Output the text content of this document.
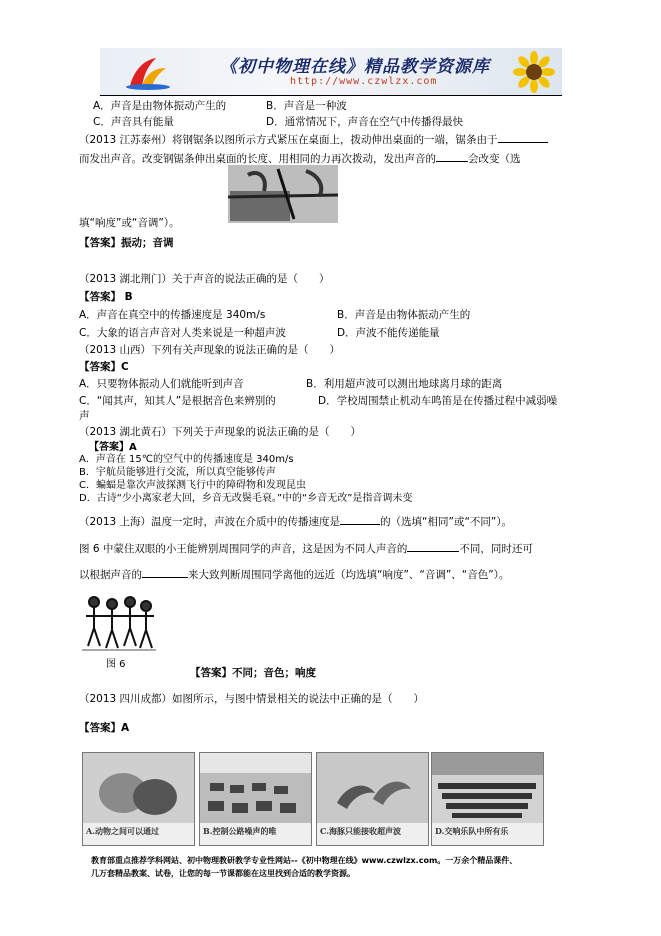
《初中物理在线》精品教学资源库
http://www.czwlzx.com
A．声音是由物体振动产生的	B．声音是一种波
C．声音具有能量	D．通常情况下，声音在空气中传播得最快
（2013 江苏泰州）将钢锯条以图所示方式紧压在桌面上，拨动伸出桌面的一端，锯条由于
而发出声音。改变钢锯条伸出桌面的长度、用相同的力再次拨动，发出声音的	会改变（选
填“响度”或“音调”）。
【答案】振动；音调
（2013 湖北荆门）关于声音的说法正确的是（　　）
【答案】 B
A．声音在真空中的传播速度是 340m/s	B．声音是由物体振动产生的
C．大象的语言声音对人类来说是一种超声波	D．声波不能传递能量
（2013 山西）下列有关声现象的说法正确的是（　　）
【答案】C
A．只要物体振动人们就能听到声音	B．利用超声波可以测出地球离月球的距离
C．“闻其声，知其人”是根据音色来辨别的	D．学校周围禁止机动车鸣笛是在传播过程中减弱噪
声
（2013 湖北黄石）下列关于声现象的说法正确的是（　　）
【答案】A
A．声音在 15℃的空气中的传播速度是 340m/s
B．宇航员能够进行交流，所以真空能够传声
C．蝙蝠是靠次声波探测飞行中的障碍物和发现昆虫
D．古诗“少小离家老大回，乡音无改鬓毛衰。”中的“乡音无改”是指音调未变
（2013 上海）温度一定时，声波在介质中的传播速度是	的（选填“相同”或“不同”）。
图 6 中蒙住双眼的小王能辨别周围同学的声音，这是因为不同人声音的	不同，同时还可
以根据声音的	来大致判断周围同学离他的远近（均选填“响度”、“音调”、“音色”）。
图 6
【答案】不同；音色；响度
（2013 四川成都）如图所示，与图中情景相关的说法中正确的是（　　）
【答案】A
A.动物之间可以通过	B.控制公路噪声的唯	C.海豚只能接收超声波	D.交响乐队中所有乐
教育部重点推荐学科网站、初中物理教研教学专业性网站--《初中物理在线》www.czwlzx.com。一万余个精品课件、
几万套精品教案、试卷，让您的每一节课都能在这里找到合适的教学资源。
